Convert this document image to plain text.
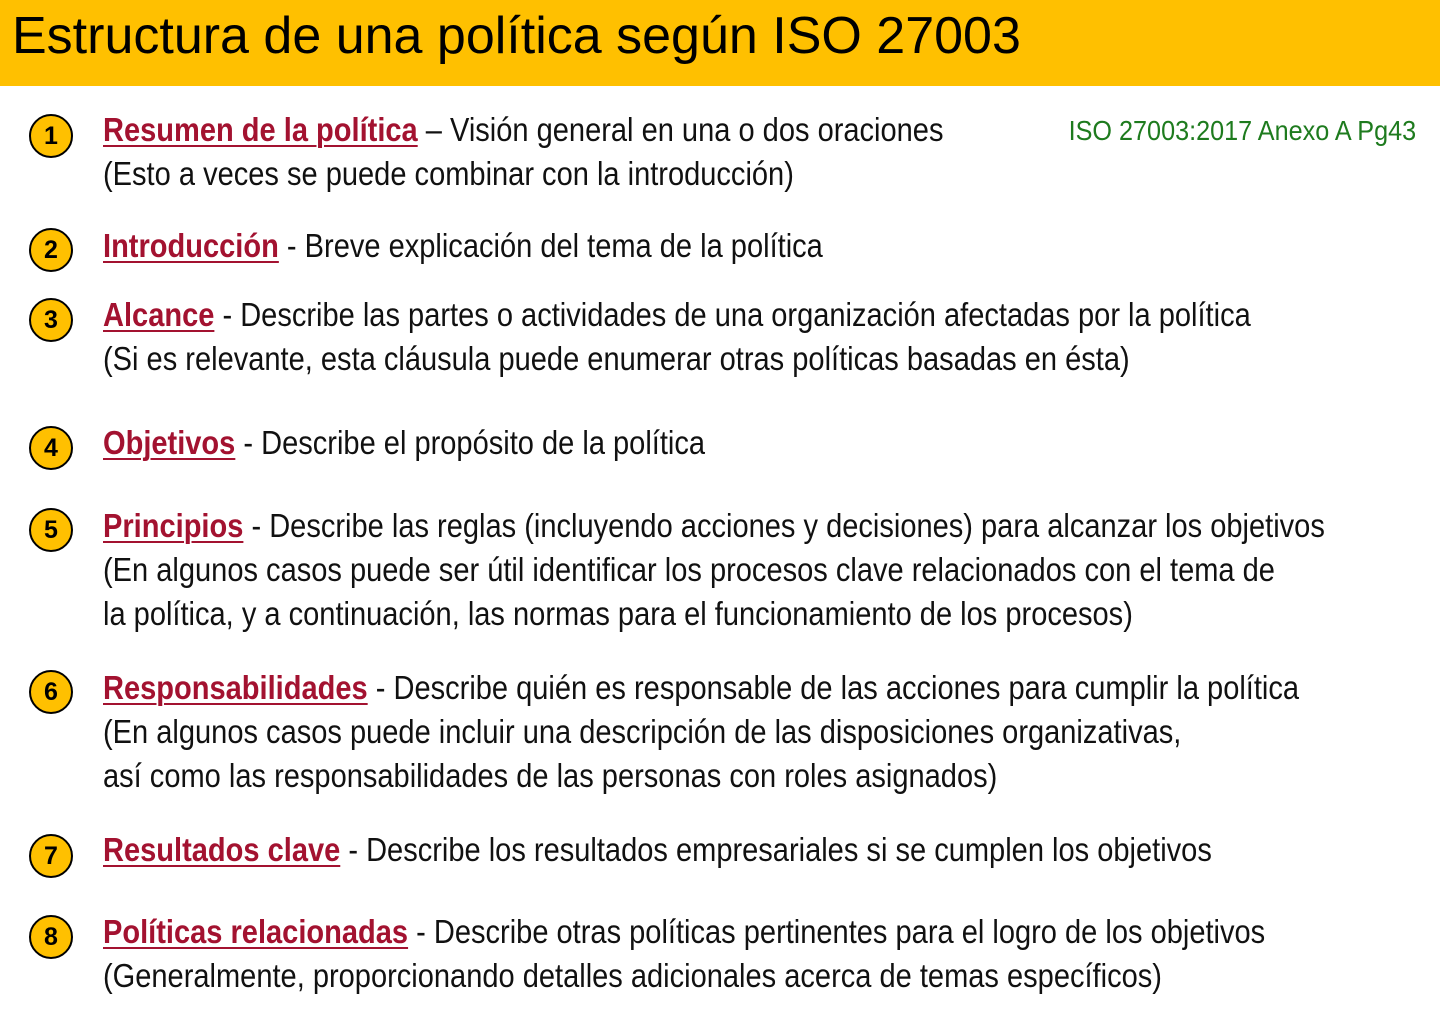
Estructura de una política según ISO 27003
ISO 27003:2017 Anexo A Pg43
1	Resumen de la política – Visión general en una o dos oraciones
(Esto a veces se puede combinar con la introducción)
2	Introducción - Breve explicación del tema de la política
3	Alcance - Describe las partes o actividades de una organización afectadas por la política
(Si es relevante, esta cláusula puede enumerar otras políticas basadas en ésta)
4	Objetivos - Describe el propósito de la política
5	Principios - Describe las reglas (incluyendo acciones y decisiones) para alcanzar los objetivos
(En algunos casos puede ser útil identificar los procesos clave relacionados con el tema de
la política, y a continuación, las normas para el funcionamiento de los procesos)
6	Responsabilidades - Describe quién es responsable de las acciones para cumplir la política
(En algunos casos puede incluir una descripción de las disposiciones organizativas,
así como las responsabilidades de las personas con roles asignados)
7	Resultados clave - Describe los resultados empresariales si se cumplen los objetivos
8	Políticas relacionadas - Describe otras políticas pertinentes para el logro de los objetivos
(Generalmente, proporcionando detalles adicionales acerca de temas específicos)
